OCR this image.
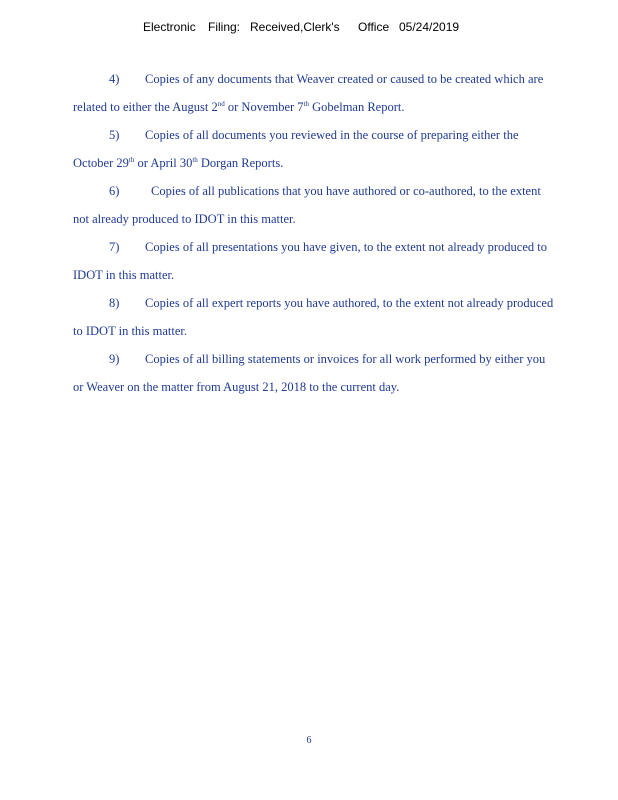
Electronic Filing: Received,Clerk's Office 05/24/2019
4) Copies of any documents that Weaver created or caused to be created which are
related to either the August 2nd or November 7th Gobelman Report.
5) Copies of all documents you reviewed in the course of preparing either the
October 29th or April 30th Dorgan Reports.
6)	Copies of all publications that you have authored or co-authored, to the extent
not already produced to IDOT in this matter.
7) Copies of all presentations you have given, to the extent not already produced to
IDOT in this matter.
8) Copies of all expert reports you have authored, to the extent not already produced
to IDOT in this matter.
9) Copies of all billing statements or invoices for all work performed by either you
or Weaver on the matter from August 21, 2018 to the current day.
6
